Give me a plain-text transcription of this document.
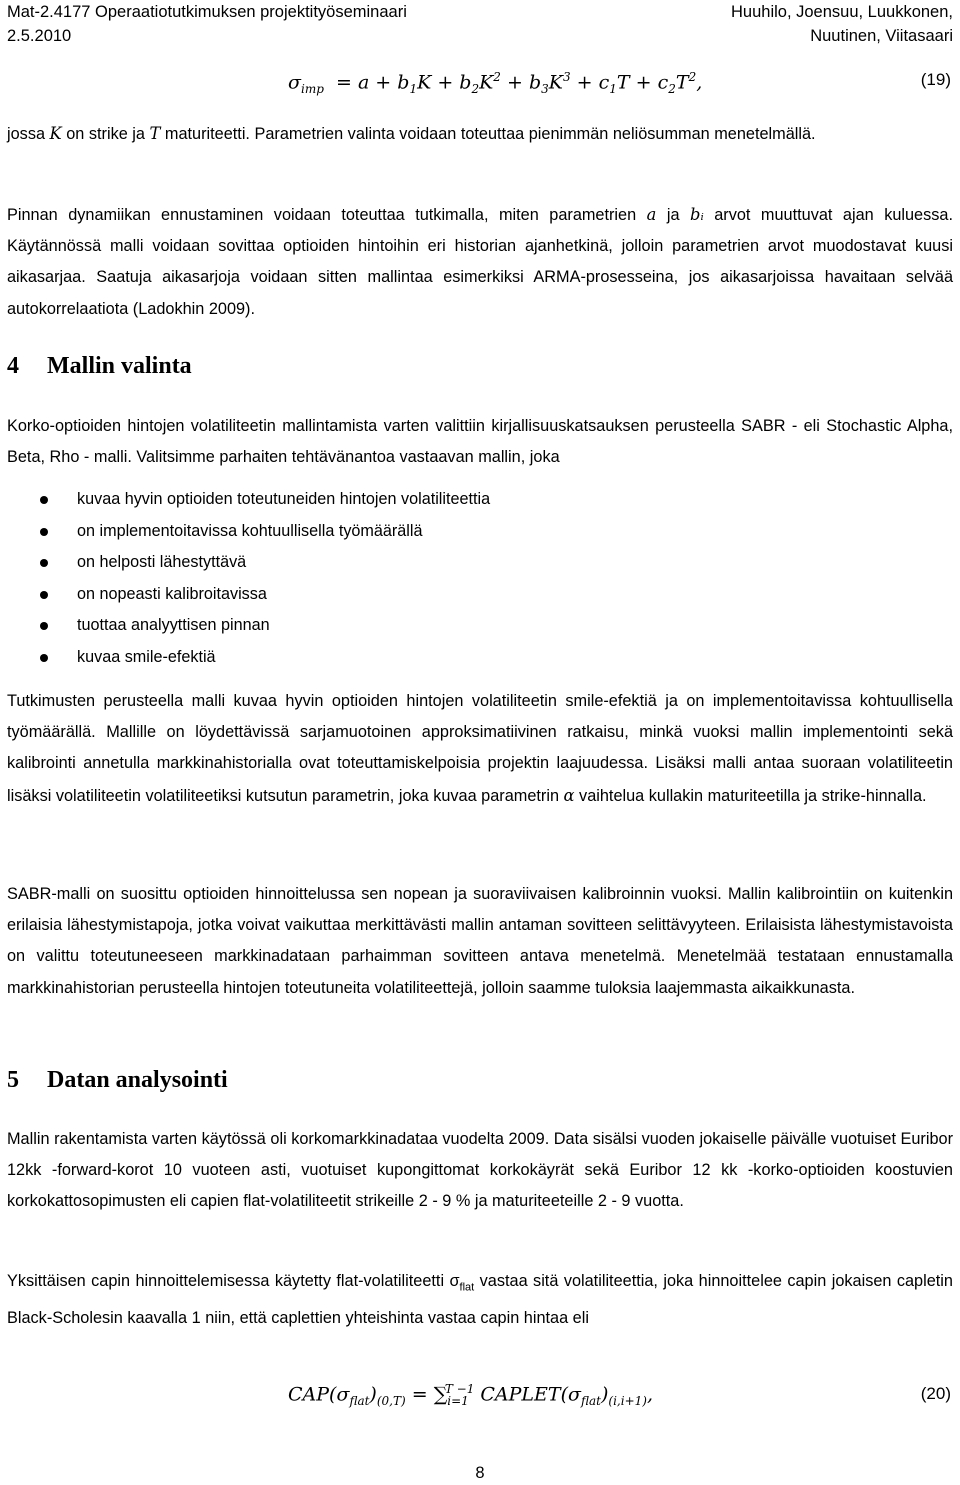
Mat-2.4177 Operaatiotutkimuksen projektityöseminaari
2.5.2010
Huuhilo, Joensuu, Luukkonen,
Nuutinen, Viitasaari
$\sigma_{imp} = a + b_1K + b_2K^2 + b_3K^3 + c_1T + c_2T^2$,	(19)
jossa K on strike ja T maturiteetti. Parametrien valinta voidaan toteuttaa pienimmän neliösumman menetelmällä.
Pinnan dynamiikan ennustaminen voidaan toteuttaa tutkimalla, miten parametrien a ja bᵢ arvot muuttuvat ajan kuluessa. Käytännössä malli voidaan sovittaa optioiden hintoihin eri historian ajanhetkinä, jolloin parametrien arvot muodostavat kuusi aikasarjaa. Saatuja aikasarjoja voidaan sitten mallintaa esimerkiksi ARMA-prosesseina, jos aikasarjoissa havaitaan selvää autokorrelaatiota (Ladokhin 2009).
4 Mallin valinta
Korko-optioiden hintojen volatiliteetin mallintamista varten valittiin kirjallisuuskatsauksen perusteella SABR - eli Stochastic Alpha, Beta, Rho - malli. Valitsimme parhaiten tehtävänantoa vastaavan mallin, joka
kuvaa hyvin optioiden toteutuneiden hintojen volatiliteettia
on implementoitavissa kohtuullisella työmäärällä
on helposti lähestyttävä
on nopeasti kalibroitavissa
tuottaa analyyttisen pinnan
kuvaa smile-efektiä
Tutkimusten perusteella malli kuvaa hyvin optioiden hintojen volatiliteetin smile-efektiä ja on implementoitavissa kohtuullisella työmäärällä. Mallille on löydettävissä sarjamuotoinen approksimatiivinen ratkaisu, minkä vuoksi mallin implementointi sekä kalibrointi annetulla markkinahistorialla ovat toteuttamiskelpoisia projektin laajuudessa. Lisäksi malli antaa suoraan volatiliteetin lisäksi volatiliteetin volatiliteetiksi kutsutun parametrin, joka kuvaa parametrin α vaihtelua kullakin maturiteetilla ja strike-hinnalla.
SABR-malli on suosittu optioiden hinnoittelussa sen nopean ja suoraviivaisen kalibroinnin vuoksi. Mallin kalibrointiin on kuitenkin erilaisia lähestymistapoja, jotka voivat vaikuttaa merkittävästi mallin antaman sovitteen selittävyyteen. Erilaisista lähestymistavoista on valittu toteutuneeseen markkinadataan parhaimman sovitteen antava menetelmä. Menetelmää testataan ennustamalla markkinahistorian perusteella hintojen toteutuneita volatiliteettejä, jolloin saamme tuloksia laajemmasta aikaikkunasta.
5 Datan analysointi
Mallin rakentamista varten käytössä oli korkomarkkinadataa vuodelta 2009. Data sisälsi vuoden jokaiselle päivälle vuotuiset Euribor 12kk -forward-korot 10 vuoteen asti, vuotuiset kupongittomat korkokäyrät sekä Euribor 12 kk -korko-optioiden koostuvien korkokattosopimusten eli capien flat-volatiliteetit strikeille 2 - 9 % ja maturiteeteille 2 - 9 vuotta.
Yksittäisen capin hinnoittelemisessa käytetty flat-volatiliteetti $\sigma_{flat}$ vastaa sitä volatiliteettia, joka hinnoittelee capin jokaisen capletin Black-Scholesin kaavalla 1 niin, että caplettien yhteishinta vastaa capin hintaa eli
$CAP(\sigma_{flat})_{(0,T)} = \sum_{i=1}^{T -1}$ $CAPLET(\sigma_{flat})_{(i,i+1)}$,	(20)
8
